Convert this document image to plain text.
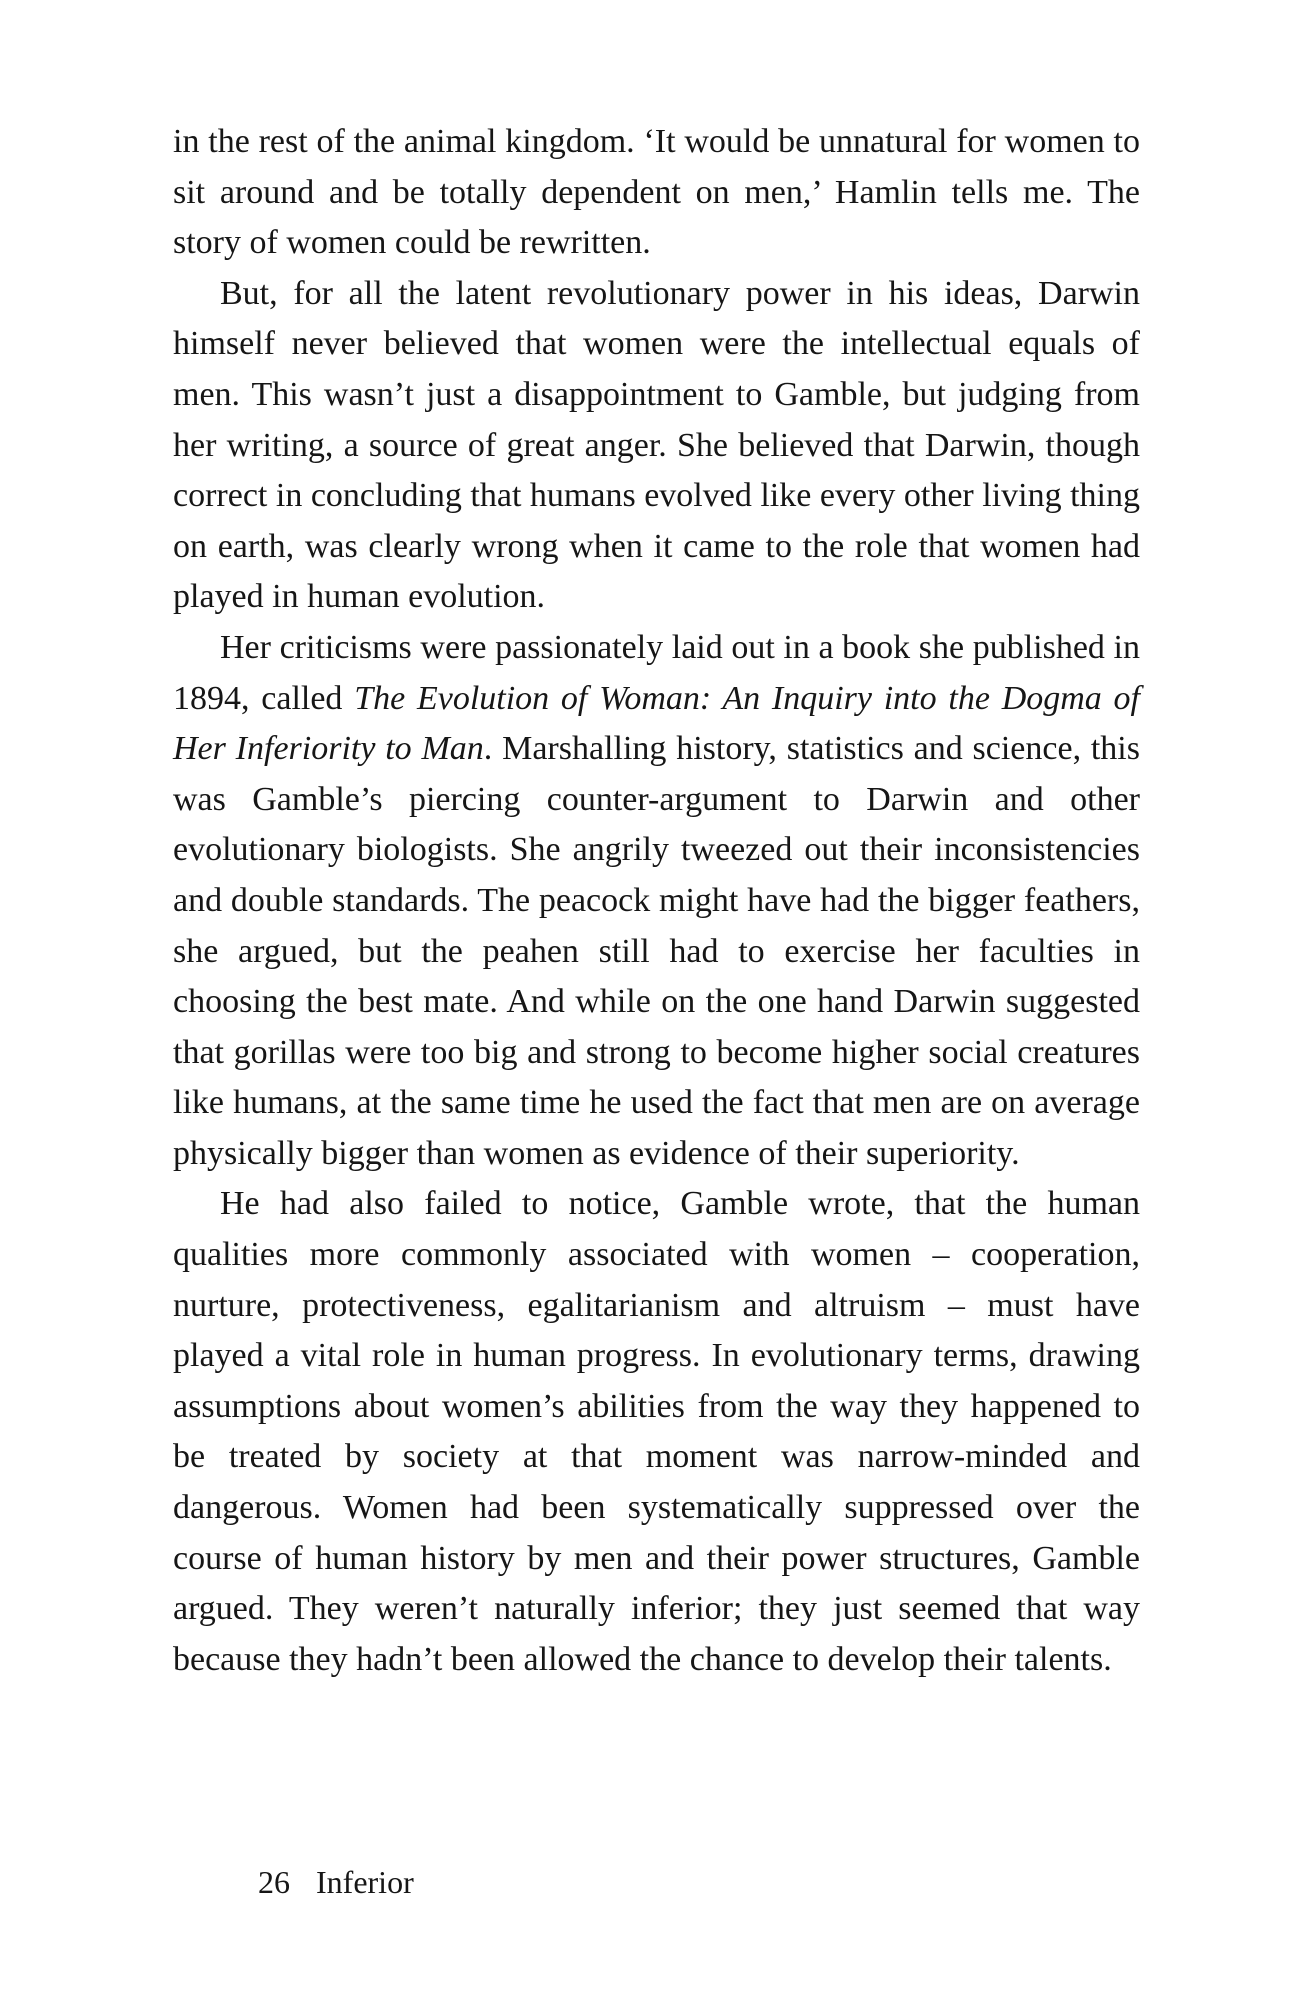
in the rest of the animal kingdom. ‘It would be unnatural for women to sit around and be totally dependent on men,’ Hamlin tells me. The story of women could be rewritten.

But, for all the latent revolutionary power in his ideas, Darwin himself never believed that women were the intellectual equals of men. This wasn’t just a disappointment to Gamble, but judging from her writing, a source of great anger. She believed that Darwin, though correct in concluding that humans evolved like every other living thing on earth, was clearly wrong when it came to the role that women had played in human evolution.

Her criticisms were passionately laid out in a book she published in 1894, called The Evolution of Woman: An Inquiry into the Dogma of Her Inferiority to Man. Marshalling history, statistics and science, this was Gamble’s piercing counter-argument to Darwin and other evolutionary biologists. She angrily tweezed out their inconsistencies and double standards. The peacock might have had the bigger feathers, she argued, but the peahen still had to exercise her faculties in choosing the best mate. And while on the one hand Darwin suggested that gorillas were too big and strong to become higher social creatures like humans, at the same time he used the fact that men are on average physically bigger than women as evidence of their superiority.

He had also failed to notice, Gamble wrote, that the human qualities more commonly associated with women – cooperation, nurture, protectiveness, egalitarianism and altruism – must have played a vital role in human progress. In evolutionary terms, drawing assumptions about women’s abilities from the way they happened to be treated by society at that moment was narrow-minded and dangerous. Women had been systematically suppressed over the course of human history by men and their power structures, Gamble argued. They weren’t naturally inferior; they just seemed that way because they hadn’t been allowed the chance to develop their talents.

26 Inferior
